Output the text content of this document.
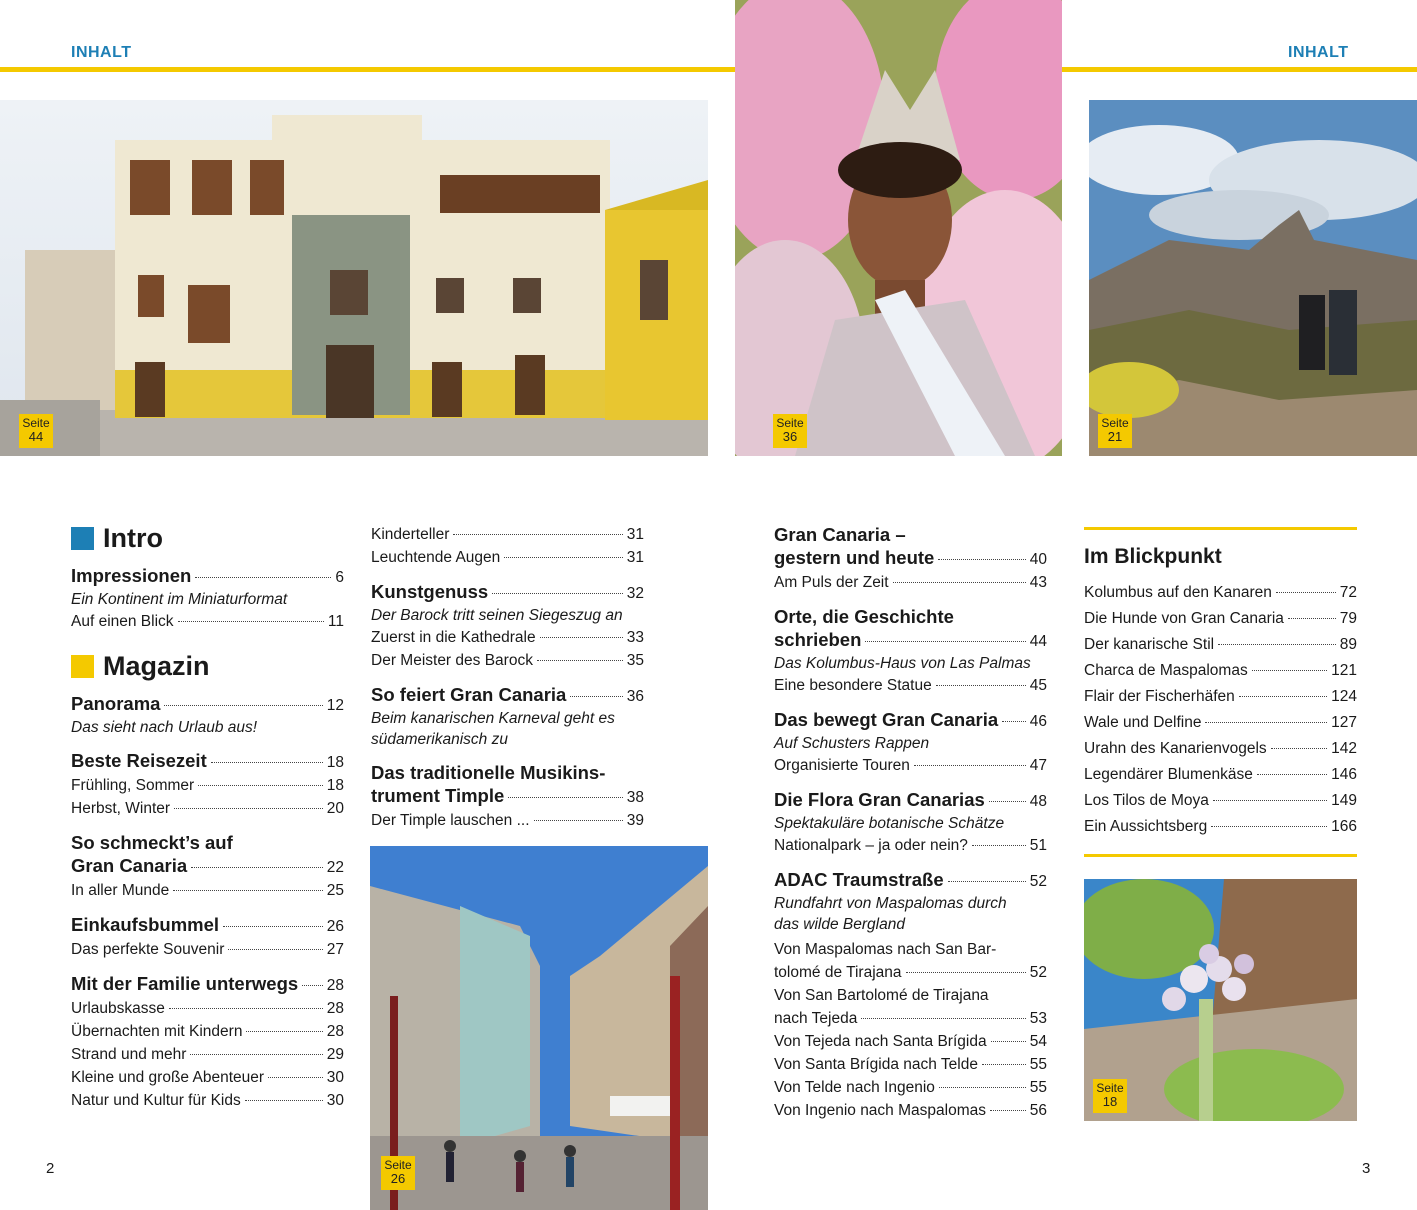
INHALT	INHALT
Seite
44
Seite
36
Seite
21
Intro
Impressionen	6
Ein Kontinent im Miniaturformat
Auf einen Blick	11
Magazin
Panorama	12
Das sieht nach Urlaub aus!
Beste Reisezeit	18
Frühling, Sommer	18
Herbst, Winter	20
So schmeckt’s auf
Gran Canaria	22
In aller Munde	25
Einkaufsbummel	26
Das perfekte Souvenir	27
Mit der Familie unterwegs 28
Urlaubskasse	28
Übernachten mit Kindern	28
Strand und mehr	29
Kleine und große Abenteuer	30
Natur und Kultur für Kids	30
Kinderteller	31
Leuchtende Augen	31
Kunstgenuss	32
Der Barock tritt seinen Siegeszug an
Zuerst in die Kathedrale	33
Der Meister des Barock	35
So feiert Gran Canaria	36
Beim kanarischen Karneval geht es
südamerikanisch zu
Das traditionelle Musikins-
trument Timple	38
Der Timple lauschen ...	39
Seite
26
Gran Canaria –
gestern und heute	40
Am Puls der Zeit	43
Orte, die Geschichte
schrieben	44
Das Kolumbus-Haus von Las Palmas
Eine besondere Statue	45
Das bewegt Gran Canaria 46
Auf Schusters Rappen
Organisierte Touren	47
Die Flora Gran Canarias	48
Spektakuläre botanische Schätze
Nationalpark – ja oder nein?	51
ADAC Traumstraße	52
Rundfahrt von Maspalomas durch
das wilde Bergland
Von Maspalomas nach San Bar-
tolomé de Tirajana	52
Von San Bartolomé de Tirajana
nach Tejeda	53
Von Tejeda nach Santa Brígida	54
Von Santa Brígida nach Telde	55
Von Telde nach Ingenio	55
Von Ingenio nach Maspalomas	56
Im Blickpunkt
Kolumbus auf den Kanaren	72
Die Hunde von Gran Canaria	79
Der kanarische Stil	89
Charca de Maspalomas	121
Flair der Fischerhäfen	124
Wale und Delfine	127
Urahn des Kanarienvogels	142
Legendärer Blumenkäse	146
Los Tilos de Moya	149
Ein Aussichtsberg	166
Seite
18
2	3
